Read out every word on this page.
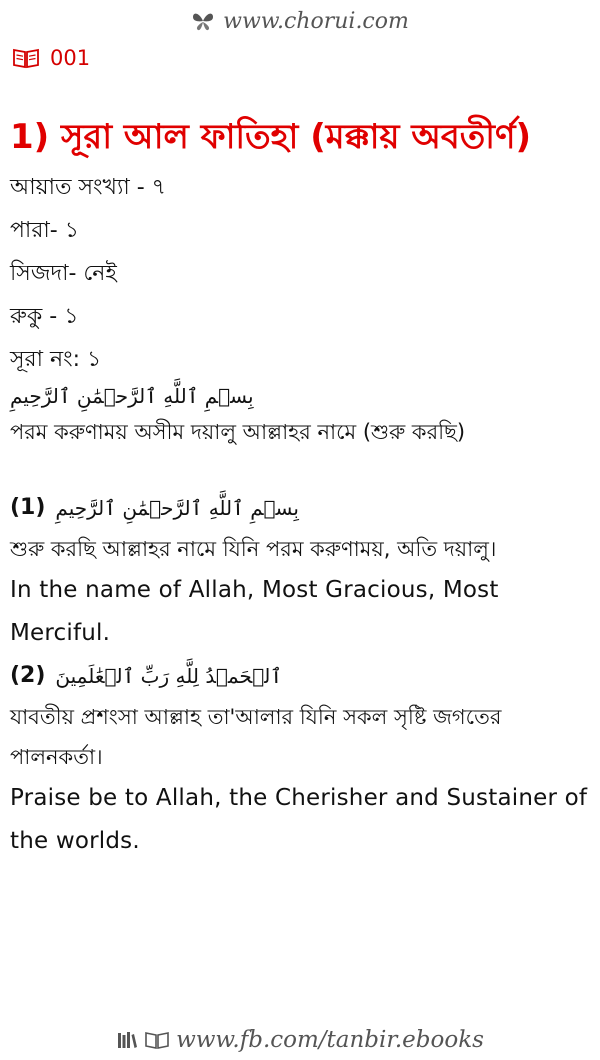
www.chorui.com
001
1) সূরা আল ফাতিহা (মক্কায় অবতীর্ণ)

আয়াত সংখ্যা - ৭

পারা- ১

সিজদা- নেই

রুকু - ১

সূরা নং: ১

بِسۡمِ ٱللَّهِ ٱلرَّحۡمَٰنِ ٱلرَّحِيمِ

পরম করুণাময় অসীম দয়ালু আল্লাহর নামে (শুরু করছি)

(1) بِسۡمِ ٱللَّهِ ٱلرَّحۡمَٰنِ ٱلرَّحِيمِ

শুরু করছি আল্লাহর নামে যিনি পরম করুণাময়, অতি দয়ালু।

In the name of Allah, Most Gracious, Most Merciful.

(2) ٱلۡحَمۡدُ لِلَّهِ رَبِّ ٱلۡعَٰلَمِينَ

যাবতীয় প্রশংসা আল্লাহ তা'আলার যিনি সকল সৃষ্টি জগতের পালনকর্তা।

Praise be to Allah, the Cherisher and Sustainer of the worlds.

www.fb.com/tanbir.ebooks
